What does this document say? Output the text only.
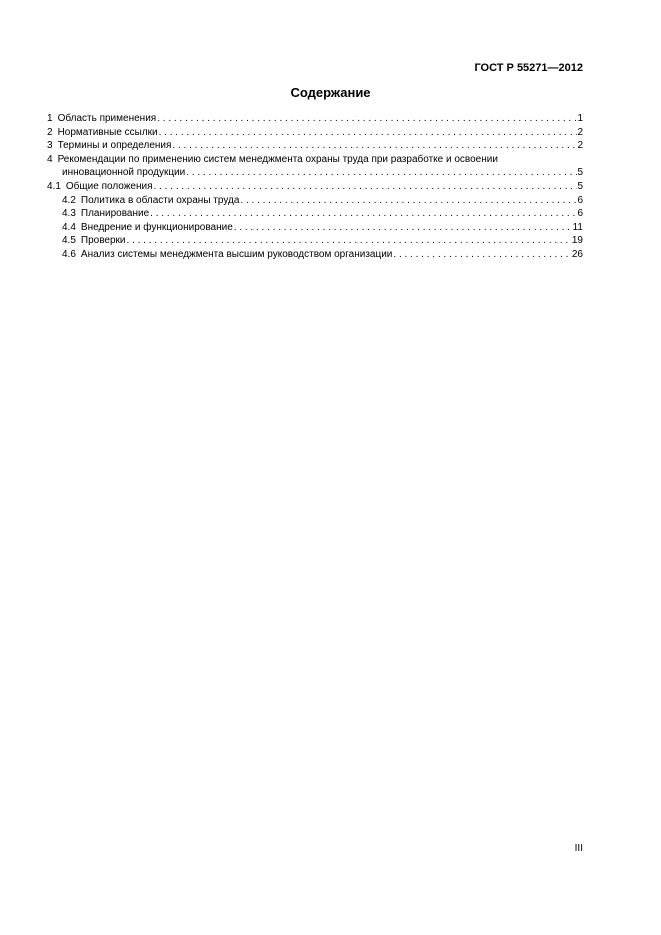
ГОСТ Р 55271—2012
Содержание
1 Область применения . . .	1
2 Нормативные ссылки . . .	2
3 Термины и определения . . .	2
4 Рекомендации по применению систем менеджмента охраны труда при разработке и освоении
инновационной продукции . . .	5
4.1 Общие положения . . .	5
4.2 Политика в области охраны труда . . .	6
4.3 Планирование . . .	6
4.4 Внедрение и функционирование . . .	11
4.5 Проверки . . .	19
4.6 Анализ системы менеджмента высшим руководством организации . . .	26
III
